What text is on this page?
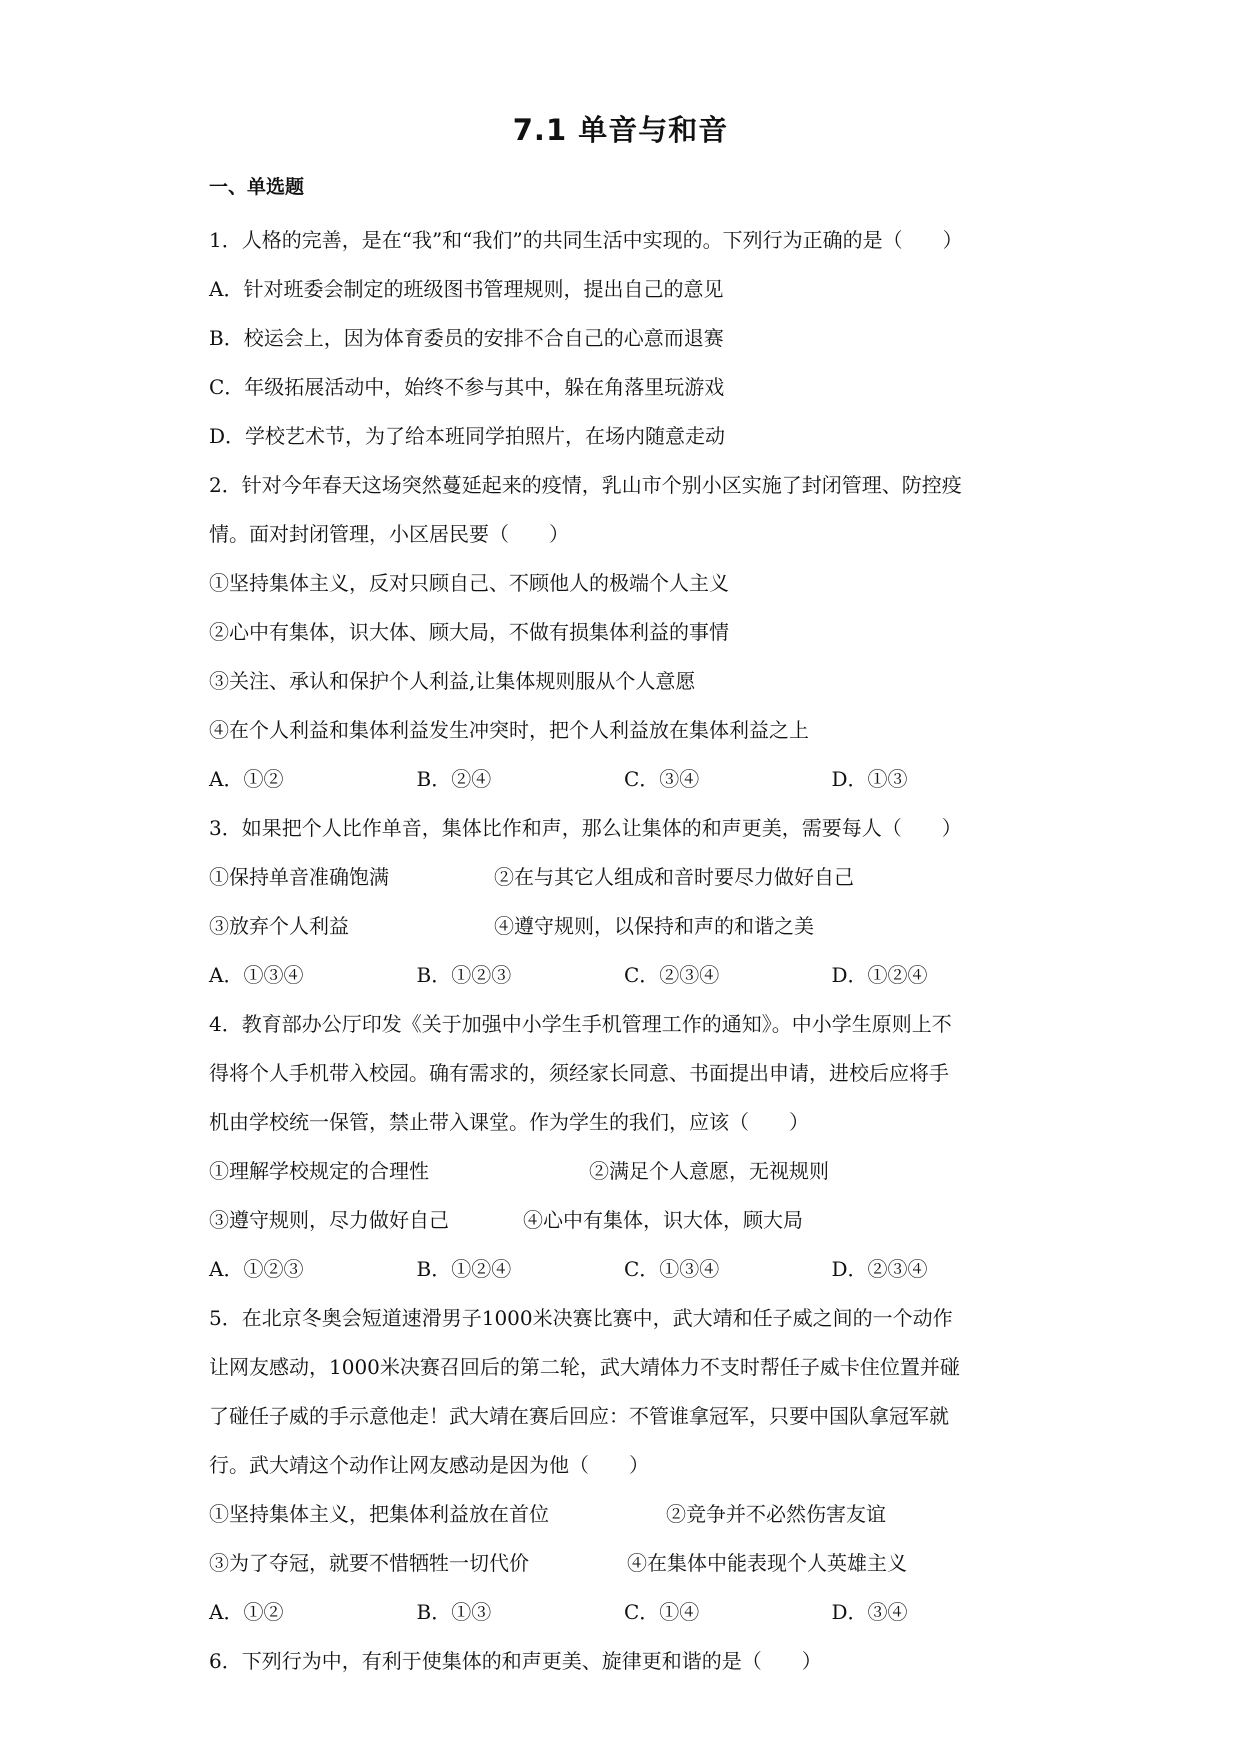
7.1 单音与和音
一、单选题
1．人格的完善，是在“我”和“我们”的共同生活中实现的。下列行为正确的是（　　）
A．针对班委会制定的班级图书管理规则，提出自己的意见
B．校运会上，因为体育委员的安排不合自己的心意而退赛
C．年级拓展活动中，始终不参与其中，躲在角落里玩游戏
D．学校艺术节，为了给本班同学拍照片，在场内随意走动
2．针对今年春天这场突然蔓延起来的疫情，乳山市个别小区实施了封闭管理、防控疫
情。面对封闭管理，小区居民要（　　）
①坚持集体主义，反对只顾自己、不顾他人的极端个人主义
②心中有集体，识大体、顾大局，不做有损集体利益的事情
③关注、承认和保护个人利益,让集体规则服从个人意愿
④在个人利益和集体利益发生冲突时，把个人利益放在集体利益之上
A．①②	B．②④	C．③④	D．①③
3．如果把个人比作单音，集体比作和声，那么让集体的和声更美，需要每人（　　）
①保持单音准确饱满	②在与其它人组成和音时要尽力做好自己
③放弃个人利益	④遵守规则，以保持和声的和谐之美
A．①③④	B．①②③	C．②③④	D．①②④
4．教育部办公厅印发《关于加强中小学生手机管理工作的通知》。中小学生原则上不
得将个人手机带入校园。确有需求的，须经家长同意、书面提出申请，进校后应将手
机由学校统一保管，禁止带入课堂。作为学生的我们，应该（　　）
①理解学校规定的合理性	②满足个人意愿，无视规则
③遵守规则，尽力做好自己	④心中有集体，识大体，顾大局
A．①②③	B．①②④	C．①③④	D．②③④
5．在北京冬奥会短道速滑男子1000米决赛比赛中，武大靖和任子威之间的一个动作
让网友感动，1000米决赛召回后的第二轮，武大靖体力不支时帮任子威卡住位置并碰
了碰任子威的手示意他走！武大靖在赛后回应：不管谁拿冠军，只要中国队拿冠军就
行。武大靖这个动作让网友感动是因为他（　　）
①坚持集体主义，把集体利益放在首位	②竞争并不必然伤害友谊
③为了夺冠，就要不惜牺牲一切代价	④在集体中能表现个人英雄主义
A．①②	B．①③	C．①④	D．③④
6．下列行为中，有利于使集体的和声更美、旋律更和谐的是（　　）
